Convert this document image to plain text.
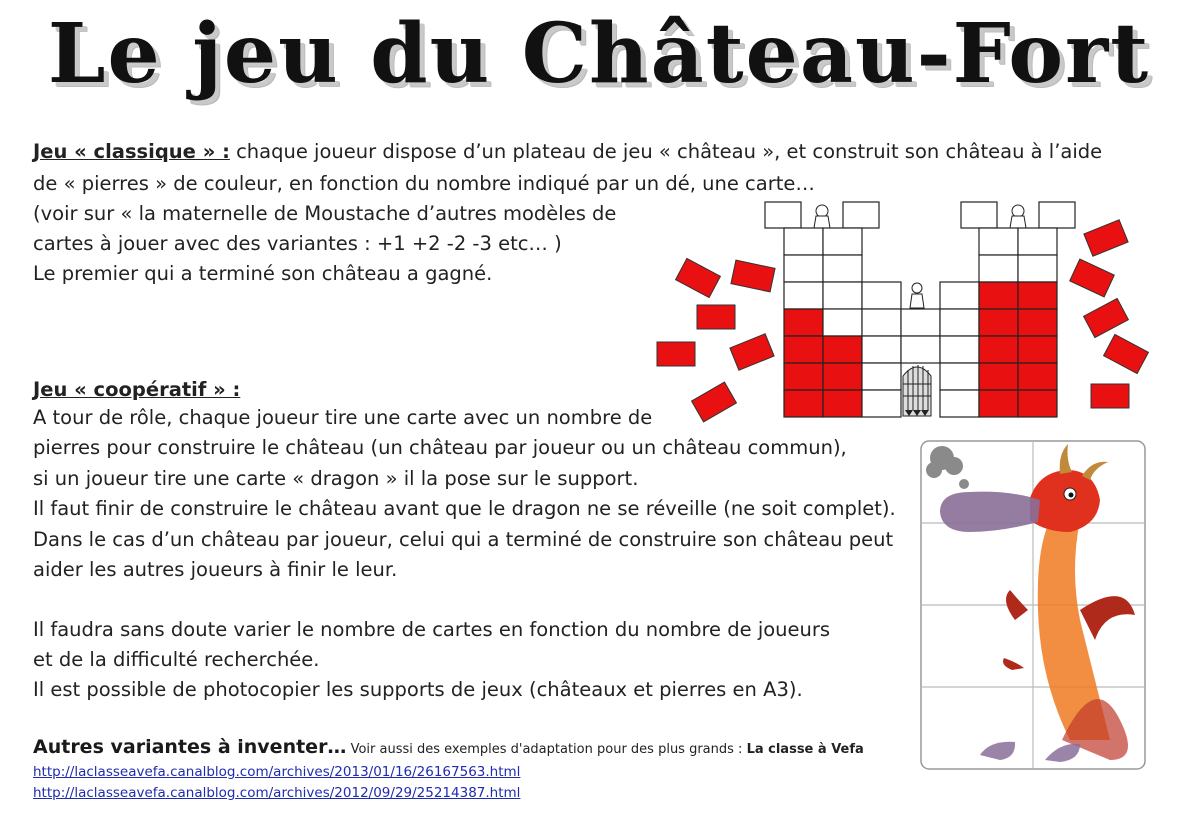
Le jeu du Château-Fort
Jeu « classique » : chaque joueur dispose d’un plateau de jeu « château », et construit son château à l’aide
de « pierres » de couleur, en fonction du nombre indiqué par un dé, une carte…
(voir sur « la maternelle de Moustache d’autres modèles de
cartes à jouer avec des variantes : +1 +2 -2 -3 etc… )
Le premier qui a terminé son château a gagné.
Jeu « coopératif » :
A tour de rôle, chaque joueur tire une carte avec un nombre de
pierres pour construire le château (un château par joueur ou un château commun),
si un joueur tire une carte « dragon » il la pose sur le support.
Il faut finir de construire le château avant que le dragon ne se réveille (ne soit complet).
Dans le cas d’un château par joueur, celui qui a terminé de construire son château peut
aider les autres joueurs à finir le leur.
Il faudra sans doute varier le nombre de cartes en fonction du nombre de joueurs
et de la difficulté recherchée.
Il est possible de photocopier les supports de jeux (châteaux et pierres en A3).
Autres variantes à inventer… Voir aussi des exemples d'adaptation pour des plus grands : La classe à Vefa
http://laclasseavefa.canalblog.com/archives/2013/01/16/26167563.html
http://laclasseavefa.canalblog.com/archives/2012/09/29/25214387.html
